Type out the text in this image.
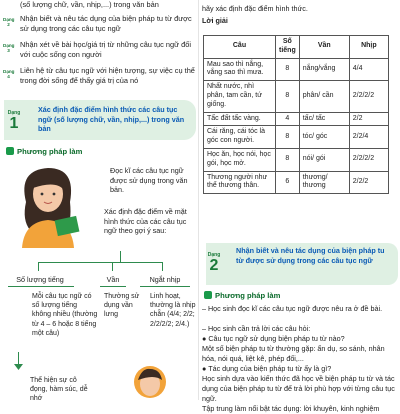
(số lượng chữ, vần, nhịp,...) trong văn bản
Dạng 2
Nhận biết và nêu tác dụng của biện pháp tu từ được sử dụng trong các câu tục ngữ
Dạng 3
Nhận xét về bài học/giá trị từ những câu tục ngữ đối với cuộc sống con người
Dạng 4
Liên hệ từ câu tục ngữ với hiện tượng, sự việc cụ thể trong đời sống để thấy giá trị của nó
Dạng
1
Xác định đặc điểm hình thức các câu tục ngữ (số lượng chữ, vần, nhịp,...) trong văn bản
Phương pháp làm
Đọc kĩ các câu tục ngữ được sử dụng trong văn bản.
Xác định đặc điểm về mặt hình thức của các câu tục ngữ theo gợi ý sau:
Số lượng tiếng	Vần	Ngắt nhịp
Mỗi câu tục ngữ có số lượng tiếng không nhiều (thường từ 4 – 6 hoặc 8 tiếng một câu)
Thường sử dụng vần lưng
Linh hoạt, thường là nhịp chẵn (4/4; 2/2; 2/2/2/2; 2/4.)
Thể hiện sự cô đọng, hàm súc, dễ nhớ
hãy xác định đặc điểm hình thức.
Lời giải
Câu	Số tiếng	Vần	Nhịp
Mau sao thì nắng, vắng sao thì mưa.	8	nắng/vắng	4/4
Nhất nước, nhì phân, tam cần, tứ giống.	8	phân/ cần	2/2/2/2
Tấc đất tấc vàng.	4	tấc/ tấc	2/2
Cái răng, cái tóc là góc con người.	8	tóc/ góc	2/2/4
Học ăn, học nói, học gói, học mở.	8	nói/ gói	2/2/2/2
Thương người như thể thương thân.	6	thương/ thương	2/2/2
Dạng
2
Nhận biết và nêu tác dụng của biện pháp tu từ được sử dụng trong các câu tục ngữ
Phương pháp làm
– Học sinh đọc kĩ các câu tục ngữ được nêu ra ở đề bài.
– Học sinh cần trả lời các câu hỏi:
● Câu tục ngữ sử dụng biện pháp tu từ nào?
Một số biện pháp tu từ thường gặp: ẩn dụ, so sánh, nhân hóa, nói quá, liệt kê, phép đối,...
● Tác dụng của biện pháp tu từ ấy là gì?
Học sinh dựa vào kiến thức đã học về biện pháp tu từ và tác dụng của biện pháp tu từ để trả lời phù hợp với từng câu tục ngữ.
Tập trung làm nổi bật tác dụng: lời khuyên, kinh nghiệm
